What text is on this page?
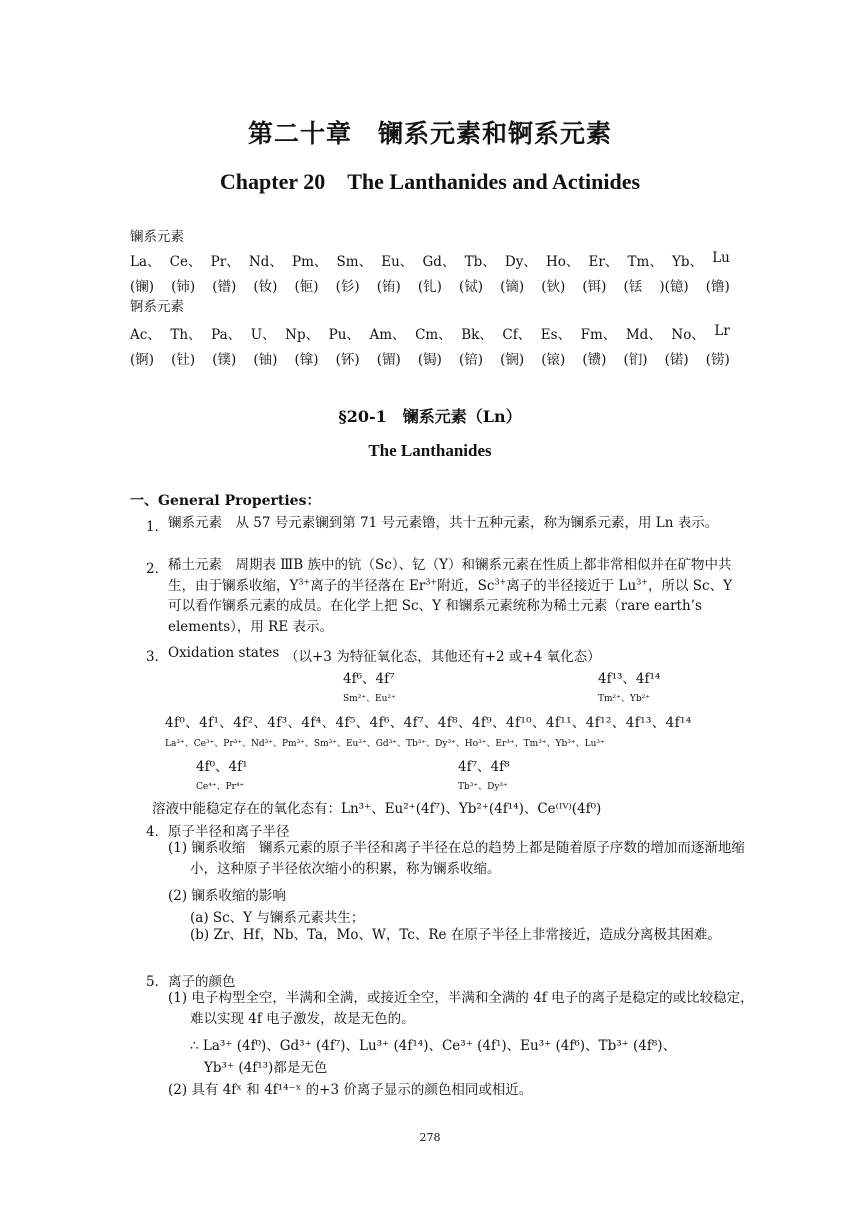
第二十章　镧系元素和锕系元素
Chapter 20　The Lanthanides and Actinides
镧系元素
La、 Ce、 Pr、 Nd、 Pm、 Sm、 Eu、 Gd、 Tb、 Dy、 Ho、 Er、 Tm、 Yb、 Lu
(镧) (铈) (镨) (钕) (钷) (钐) (铕) (钆) (铽) (镝) (钬) (铒) (铥 )(镱) (镥)
锕系元素
Ac、 Th、 Pa、 U、 Np、 Pu、 Am、 Cm、 Bk、 Cf、 Es、 Fm、 Md、 No、 Lr
(锕) (钍) (镤) (铀) (镎) (钚) (镅) (锔) (锫) (锎) (锿) (镄) (钔) (锘) (铹)
§20-1　镧系元素（Ln）
The Lanthanides
一、General Properties：
1． 镧系元素　从 57 号元素镧到第 71 号元素镥，共十五种元素，称为镧系元素，用 Ln 表示。
2． 稀土元素　周期表 ⅢB 族中的钪（Sc）、钇（Y）和镧系元素在性质上都非常相似并在矿物中共生，由于镧系收缩，$Y^{3+}$离子的半径落在 $Er^{3+}$附近，$Sc^{3+}$离子的半径接近于 $Lu^{3+}$，所以 Sc、Y 可以看作镧系元素的成员。在化学上把 Sc、Y 和镧系元素统称为稀土元素（rare earth’s elements），用 RE 表示。
3． Oxidation states （以+3 为特征氧化态，其他还有+2 或+4 氧化态）
4f⁶、4f⁷
Sm²⁺、Eu²⁺
4f¹³、4f¹⁴
Tm²⁺、Yb²⁺
4f⁰、4f¹、4f²、4f³、4f⁴、4f⁵、4f⁶、4f⁷、4f⁸、4f⁹、4f¹⁰、4f¹¹、4f¹²、4f¹³、4f¹⁴
La³⁺、Ce³⁺、Pr³⁺、Nd³⁺、Pm³⁺、Sm³⁺、Eu³⁺、Gd³⁺、Tb³⁺、Dy³⁺、Ho³⁺、Er³⁺、Tm³⁺、Yb³⁺、Lu³⁺
4f⁰、4f¹
Ce⁴⁺、Pr⁴⁺
4f⁷、4f⁸
Tb³⁺、Dy³⁺
溶液中能稳定存在的氧化态有：Ln³⁺、Eu²⁺(4f⁷)、Yb²⁺(4f¹⁴)、Ce⁽ᴵⱽ⁾(4f⁰)
4． 原子半径和离子半径
(1) 镧系收缩　镧系元素的原子半径和离子半径在总的趋势上都是随着原子序数的增加而逐渐地缩小，这种原子半径依次缩小的积累，称为镧系收缩。
(2) 镧系收缩的影响
(a) Sc、Y 与镧系元素共生；
(b) Zr、Hf，Nb、Ta，Mo、W，Tc、Re 在原子半径上非常接近，造成分离极其困难。
5． 离子的颜色
(1) 电子构型全空，半满和全满，或接近全空，半满和全满的 4f 电子的离子是稳定的或比较稳定，难以实现 4f 电子激发，故是无色的。
∴ La³⁺ (4f⁰)、Gd³⁺ (4f⁷)、Lu³⁺ (4f¹⁴)、Ce³⁺ (4f¹)、Eu³⁺ (4f⁶)、Tb³⁺ (4f⁸)、
Yb³⁺ (4f¹³)都是无色
(2) 具有 4fˣ 和 4f¹⁴⁻ˣ 的+3 价离子显示的颜色相同或相近。
278
